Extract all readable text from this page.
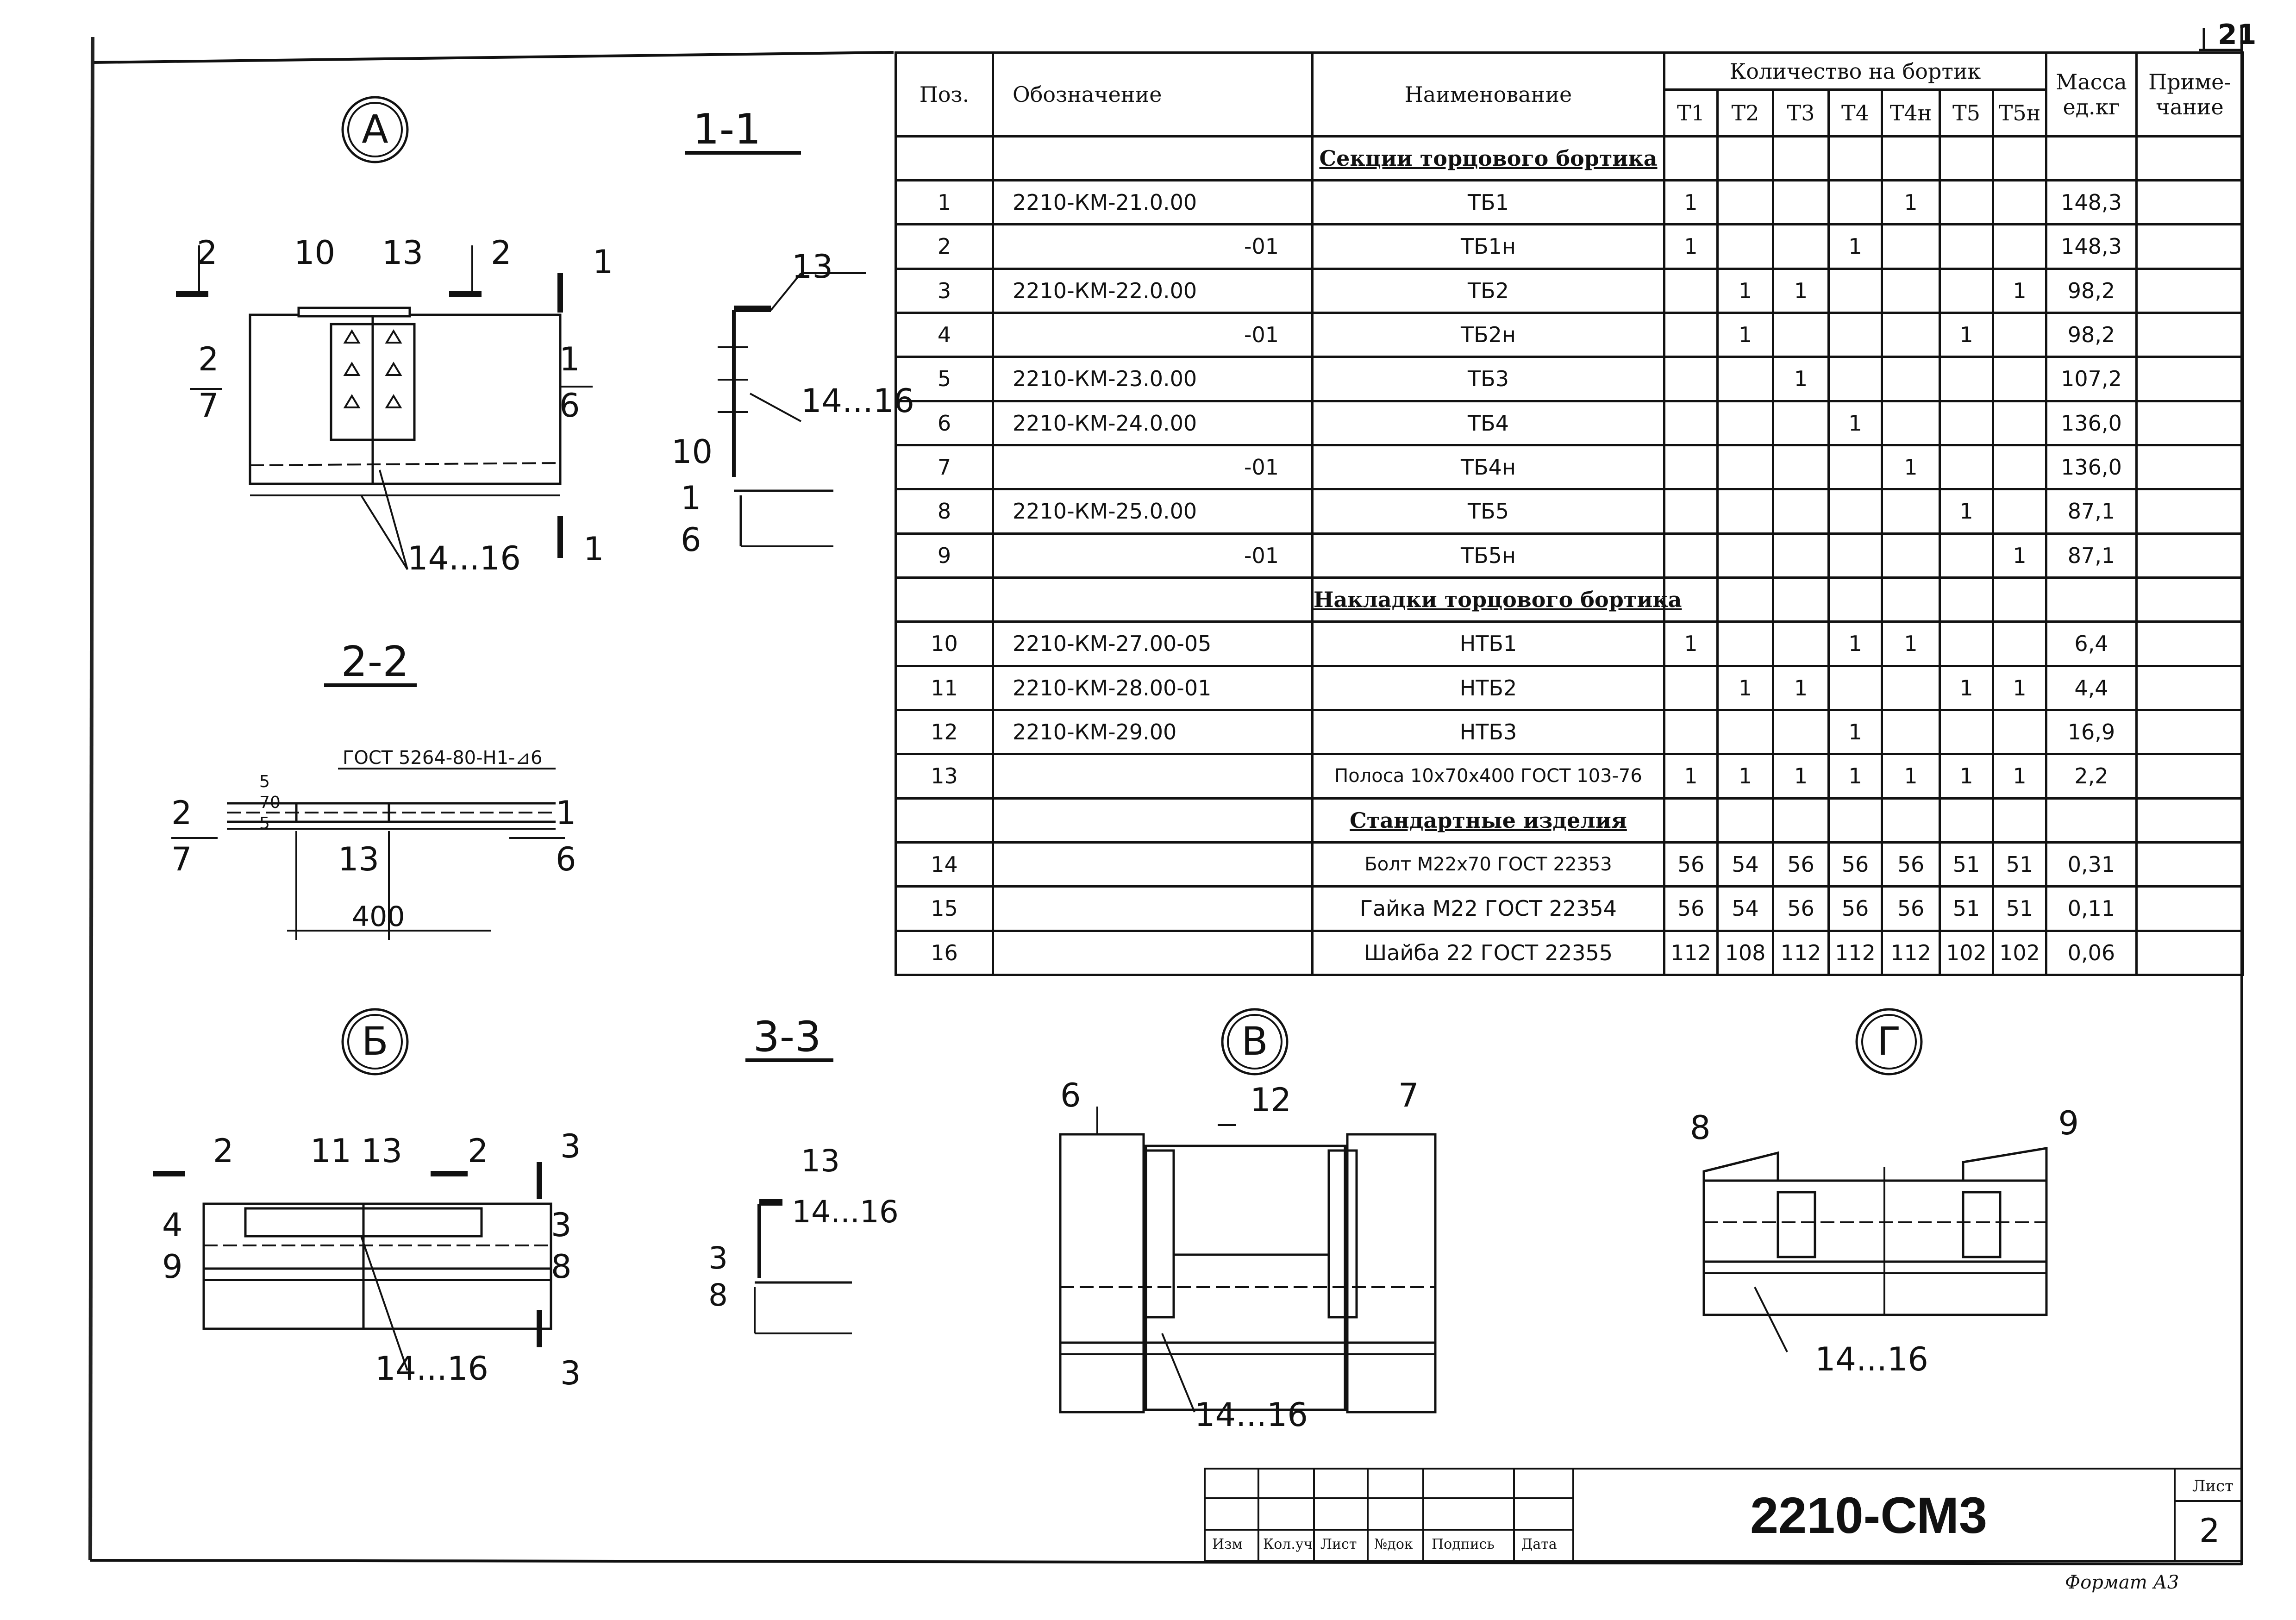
21
А
2 10 13 2	1
2
7
1
6
14...16 1
1-1
13
14...16
10
1
6
2-2
ГОСТ 5264-80-Н1-⊿6
2
7
1
6
13
400
5
70
5
Б
2 11 13 2 3
4
9
3
8
14...16 3
3-3
13
14...16
3
8
В
6	12	7
14...16
Г
8	9
14...16
Поз.	Обозначение	Наименование	Количество на бортик							Масса ед.кг	Приме-чание
			Т1	Т2	Т3	Т4	Т4н	Т5	Т5н		
		Секции торцового бортика									
1	2210-КМ-21.0.00	ТБ1	1				1			148,3	
2	-01	ТБ1н	1			1				148,3	
3	2210-КМ-22.0.00	ТБ2		1	1				1	98,2	
4	-01	ТБ2н		1				1		98,2	
5	2210-КМ-23.0.00	ТБ3			1					107,2	
6	2210-КМ-24.0.00	ТБ4				1				136,0	
7	-01	ТБ4н					1			136,0	
8	2210-КМ-25.0.00	ТБ5						1		87,1	
9	-01	ТБ5н							1	87,1	
		Накладки торцового бортика									
10	2210-КМ-27.00-05	НТБ1	1			1	1			6,4	
11	2210-КМ-28.00-01	НТБ2		1	1			1	1	4,4	
12	2210-КМ-29.00	НТБ3				1				16,9	
13		Полоса 10х70х400 ГОСТ 103-76	1	1	1	1	1	1	1	2,2	
		Стандартные изделия									
14		Болт М22х70 ГОСТ 22353	56	54	56	56	56	51	51	0,31	
15		Гайка М22 ГОСТ 22354	56	54	56	56	56	51	51	0,11	
16		Шайба 22 ГОСТ 22355	112	108	112	112	112	102	102	0,06	
Изм Кол.уч Лист №док Подпись Дата
2210-СМ3
Лист
2
Формат А3
